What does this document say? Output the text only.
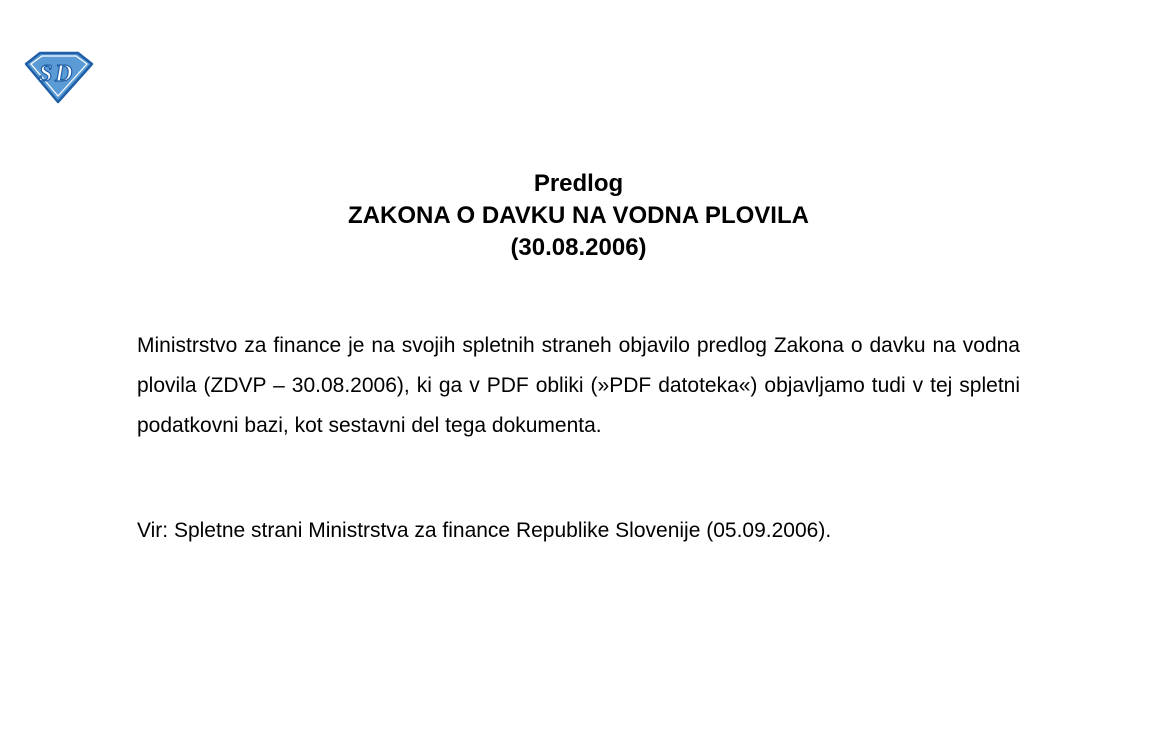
S D
Predlog
ZAKONA O DAVKU NA VODNA PLOVILA
(30.08.2006)
Ministrstvo za finance je na svojih spletnih straneh objavilo predlog Zakona o davku na vodna plovila (ZDVP – 30.08.2006), ki ga v PDF obliki (»PDF datoteka«) objavljamo tudi v tej spletni podatkovni bazi, kot sestavni del tega dokumenta.
Vir: Spletne strani Ministrstva za finance Republike Slovenije (05.09.2006).
